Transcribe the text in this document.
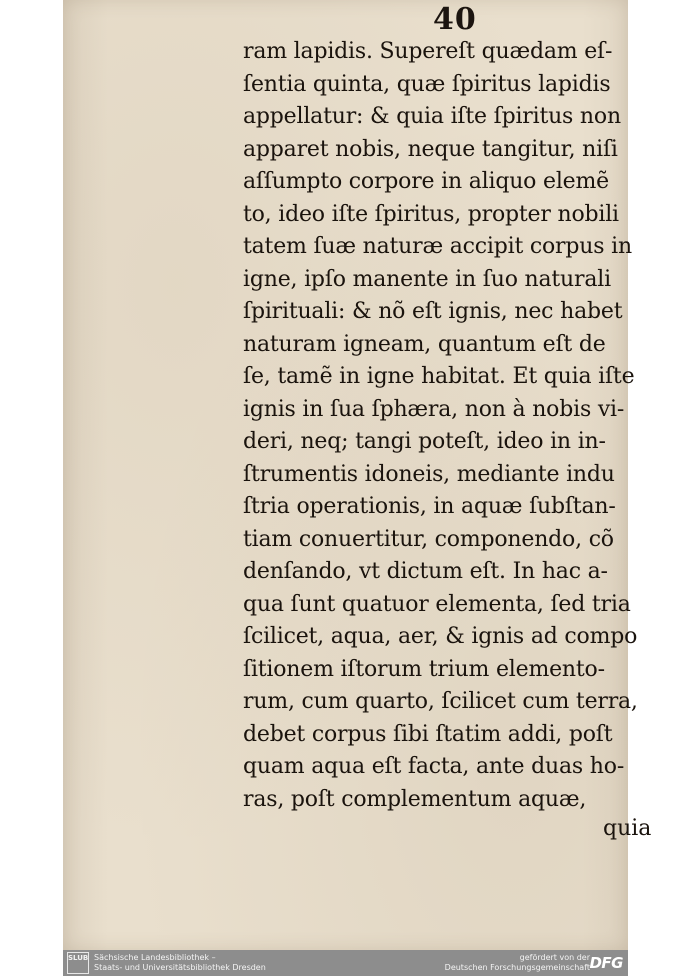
40
ram lapidis. Supereſt quædam eſ-
ſentia quinta, quæ ſpiritus lapidis
appellatur: & quia iſte ſpiritus non
apparet nobis, neque tangitur, niſi
aſſumpto corpore in aliquo elemẽ
to, ideo iſte ſpiritus, propter nobili
tatem ſuæ naturæ accipit corpus in
igne, ipſo manente in ſuo naturali
ſpirituali: & nõ eſt ignis, nec habet
naturam igneam, quantum eſt de
ſe, tamẽ in igne habitat. Et quia iſte
ignis in ſua ſphæra, non à nobis vi-
deri, neq; tangi poteſt, ideo in in-
ſtrumentis idoneis, mediante indu
ſtria operationis, in aquæ ſubſtan-
tiam conuertitur, componendo, cõ
denſando, vt dictum eſt. In hac a-
qua ſunt quatuor elementa, ſed tria
ſcilicet, aqua, aer, & ignis ad compo
ſitionem iſtorum trium elemento-
rum, cum quarto, ſcilicet cum terra,
debet corpus ſibi ſtatim addi, poſt
quam aqua eſt facta, ante duas ho-
ras, poſt complementum aquæ,
quia
SLUB Sächsische Landesbibliothek –
Staats- und Universitätsbibliothek Dresden
gefördert von der
Deutschen Forschungsgemeinschaft DFG
